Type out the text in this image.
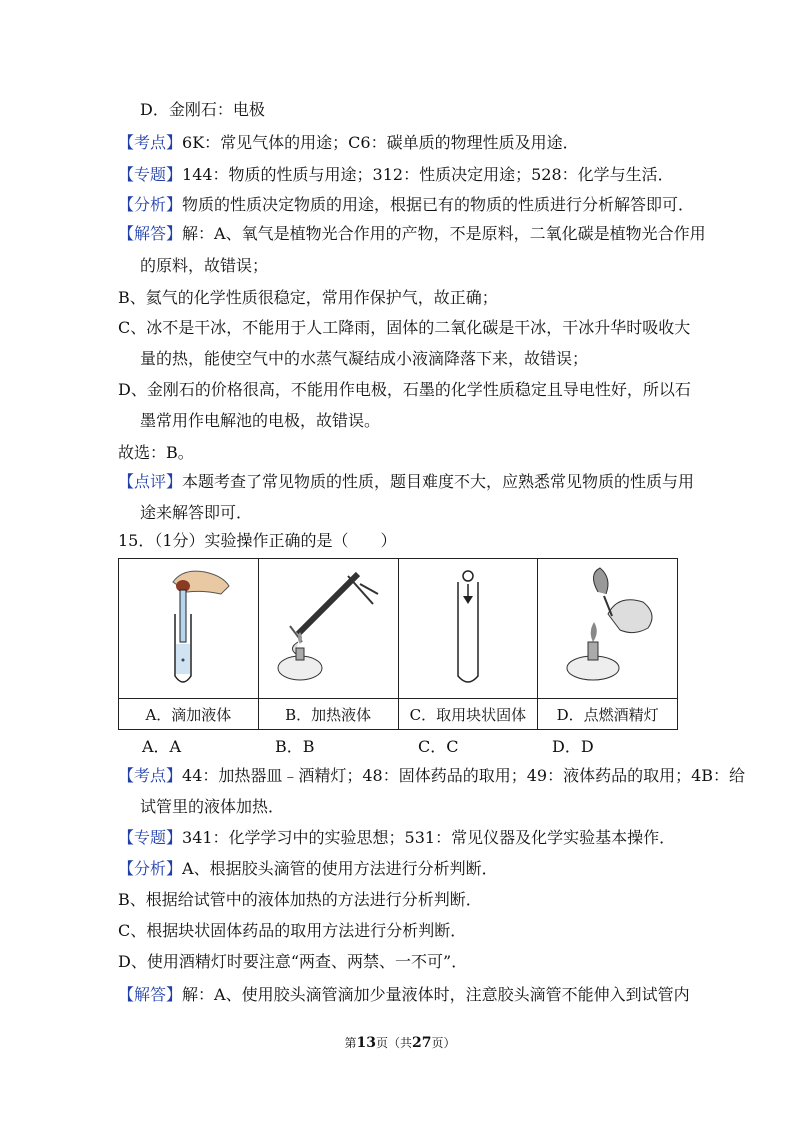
D．金刚石：电极
【考点】6K：常见气体的用途；C6：碳单质的物理性质及用途．
【专题】144：物质的性质与用途；312：性质决定用途；528：化学与生活．
【分析】物质的性质决定物质的用途，根据已有的物质的性质进行分析解答即可．
【解答】解：A、氧气是植物光合作用的产物，不是原料，二氧化碳是植物光合作用
的原料，故错误；
B、氦气的化学性质很稳定，常用作保护气，故正确；
C、冰不是干冰，不能用于人工降雨，固体的二氧化碳是干冰，干冰升华时吸收大
量的热，能使空气中的水蒸气凝结成小液滴降落下来，故错误；
D、金刚石的价格很高，不能用作电极，石墨的化学性质稳定且导电性好，所以石
墨常用作电解池的电极，故错误。
故选：B。
【点评】本题考查了常见物质的性质，题目难度不大，应熟悉常见物质的性质与用
途来解答即可．
15．（1分）实验操作正确的是（　　）

A．滴加液体	B．加热液体	C．取用块状固体	D．点燃酒精灯
A．A	B．B	C．C	D．D
【考点】44：加热器皿﹣酒精灯；48：固体药品的取用；49：液体药品的取用；4B：给
试管里的液体加热．
【专题】341：化学学习中的实验思想；531：常见仪器及化学实验基本操作．
【分析】A、根据胶头滴管的使用方法进行分析判断．
B、根据给试管中的液体加热的方法进行分析判断．
C、根据块状固体药品的取用方法进行分析判断．
D、使用酒精灯时要注意“两查、两禁、一不可”．
【解答】解：A、使用胶头滴管滴加少量液体时，注意胶头滴管不能伸入到试管内
第13页（共27页）
